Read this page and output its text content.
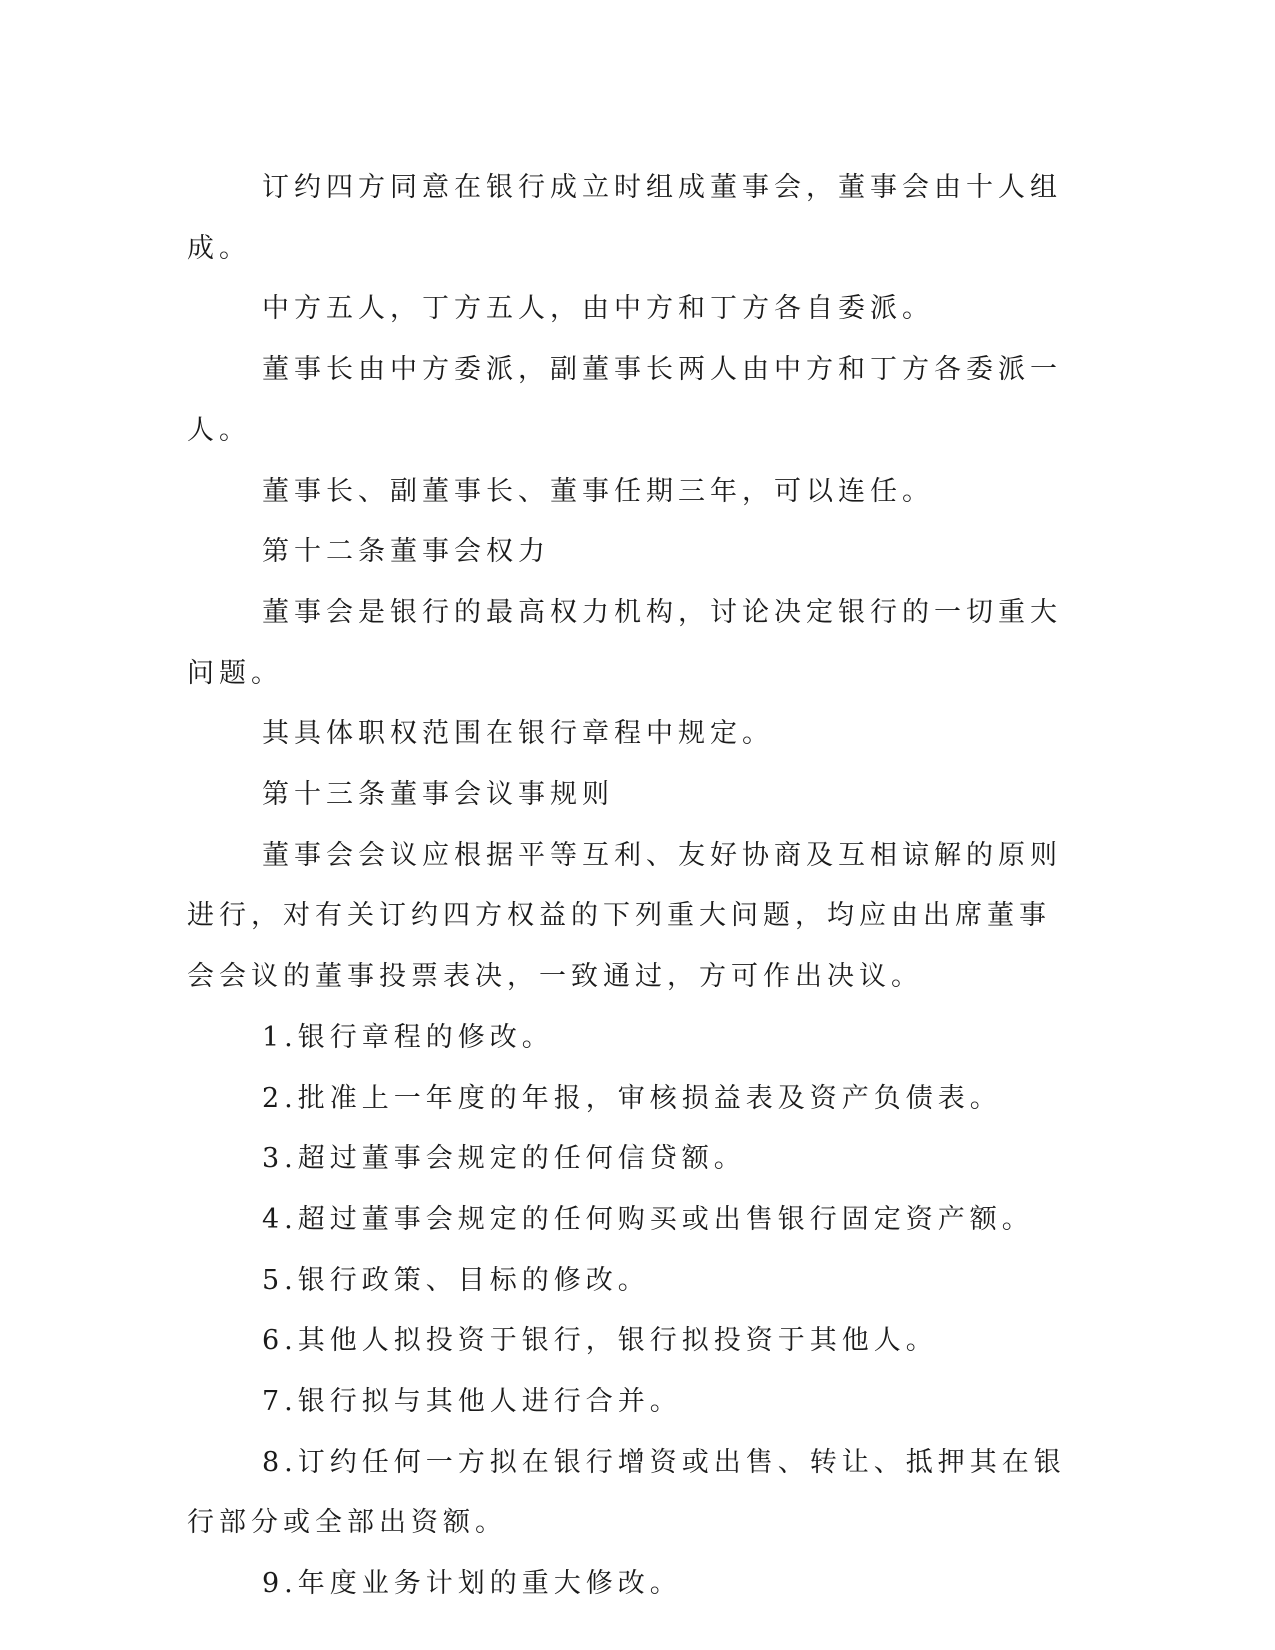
订约四方同意在银行成立时组成董事会，董事会由十人组成。

中方五人，丁方五人，由中方和丁方各自委派。

董事长由中方委派，副董事长两人由中方和丁方各委派一人。

董事长、副董事长、董事任期三年，可以连任。

第十二条董事会权力

董事会是银行的最高权力机构，讨论决定银行的一切重大问题。

其具体职权范围在银行章程中规定。

第十三条董事会议事规则

董事会会议应根据平等互利、友好协商及互相谅解的原则进行，对有关订约四方权益的下列重大问题，均应由出席董事会会议的董事投票表决，一致通过，方可作出决议。

1.银行章程的修改。

2.批准上一年度的年报，审核损益表及资产负债表。

3.超过董事会规定的任何信贷额。

4.超过董事会规定的任何购买或出售银行固定资产额。

5.银行政策、目标的修改。

6.其他人拟投资于银行，银行拟投资于其他人。

7.银行拟与其他人进行合并。

8.订约任何一方拟在银行增资或出售、转让、抵押其在银行部分或全部出资额。

9.年度业务计划的重大修改。
